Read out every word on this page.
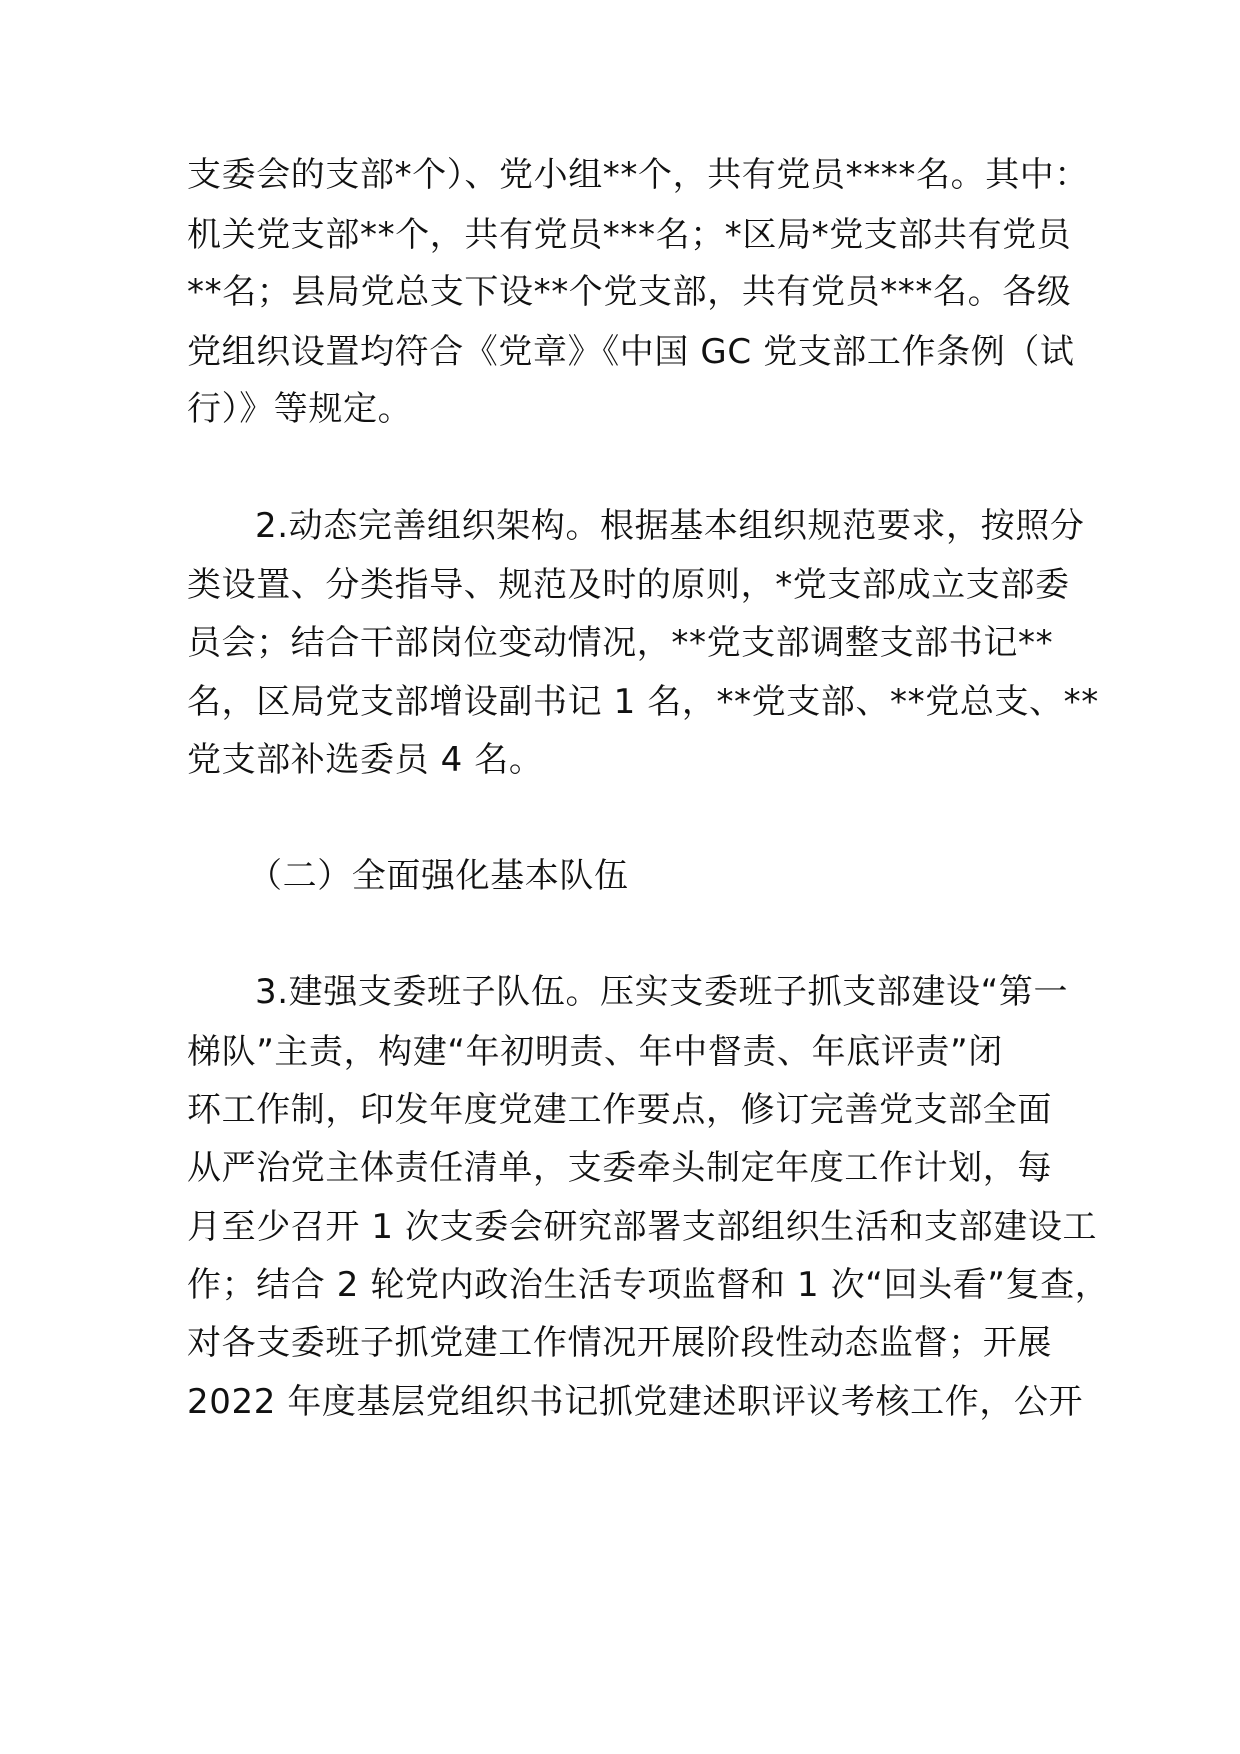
支委会的支部*个）、党小组**个，共有党员****名。其中：
机关党支部**个，共有党员***名；*区局*党支部共有党员
**名；县局党总支下设**个党支部，共有党员***名。各级
党组织设置均符合《党章》《中国 GC 党支部工作条例（试
行）》等规定。
2.动态完善组织架构。根据基本组织规范要求，按照分
类设置、分类指导、规范及时的原则，*党支部成立支部委
员会；结合干部岗位变动情况，**党支部调整支部书记**
名，区局党支部增设副书记 1 名，**党支部、**党总支、**
党支部补选委员 4 名。
（二）全面强化基本队伍
3.建强支委班子队伍。压实支委班子抓支部建设“第一
梯队”主责，构建“年初明责、年中督责、年底评责”闭
环工作制，印发年度党建工作要点，修订完善党支部全面
从严治党主体责任清单，支委牵头制定年度工作计划，每
月至少召开 1 次支委会研究部署支部组织生活和支部建设工
作；结合 2 轮党内政治生活专项监督和 1 次“回头看”复查，
对各支委班子抓党建工作情况开展阶段性动态监督；开展
2022 年度基层党组织书记抓党建述职评议考核工作，公开
